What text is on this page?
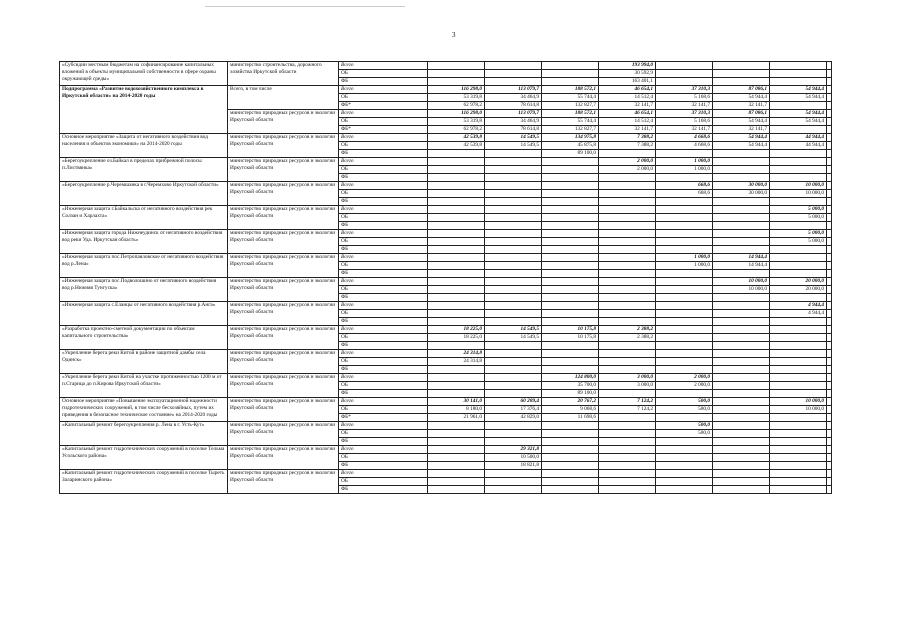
3
«Субсидии местным бюджетам на софинансирование капитальных вложений в объекты муниципальной собственности в сфере охраны окружающей среды»	министерство строительства, дорожного хозяйства Иркутской области	Всего				193 994,0				
		ОБ				30 592,9				
		ФБ				163 401,1				
Подпрограмма «Развитие водохозяйственного комплекса в Иркутской области» на 2014-2020 годы	Всего, в том числе	Всего	116 298,0	113 079,7	188 572,1	46 654,1	37 310,3	87 086,1	54 944,4	
		ОБ	53 319,8	34 464,9	55 744,4	14 512,4	5 168,6	54 944,4	54 944,4	
		ФБ*	62 978,2	78 614,8	132 827,7	32 141,7	32 141,7	32 141,7		
	министерство природных ресурсов и экологии Иркутской области	Всего	116 298,0	113 079,7	188 572,1	46 654,1	37 310,3	87 086,1	54 944,4	
		ОБ	53 319,8	34 464,9	55 744,4	14 512,4	5 168,6	54 944,4	54 944,4	
		ФБ*	62 978,2	78 614,8	132 827,7	32 141,7	32 141,7	32 141,7		
Основное мероприятие «Защита от негативного воздействия вод населения и объектов экономики» на 2014-2020 годы	министерство природных ресурсов и экологии Иркутской области	Всего	42 539,8	14 549,5	134 975,8	7 388,2	4 668,6	54 944,4	44 944,4	
		ОБ	42 539,8	14 549,5	45 875,8	7 388,2	4 668,6	54 944,4	44 944,4	
		ФБ			89 100,0					
«Берегоукрепление оз.Байкал в пределах прибрежной полосы п.Листвянка»	министерство природных ресурсов и экологии Иркутской области	Всего				2 000,0	1 000,0			
		ОБ				2 000,0	1 000,0			
		ФБ								
«Берегоукрепление р.Черемшанка в г.Черемхово Иркутской области»	министерство природных ресурсов и экологии Иркутской области	Всего					668,6	30 000,0	10 000,0	
		ОБ					668,6	30 000,0	10 000,0	
		ФБ								
«Инженерная защита г.Байкальска от негативного воздействия рек Солзан и Харлахта»	министерство природных ресурсов и экологии Иркутской области	Всего							5 000,0	
		ОБ							5 000,0	
		ФБ								
«Инженерная защита города Нижнеудинск от негативного воздействия вод реки Уда. Иркутская область»	министерство природных ресурсов и экологии Иркутской области	Всего							5 000,0	
		ОБ							5 000,0	
		ФБ								
«Инженерная защита пос.Петропавловское от негативного воздействия вод р.Лена»	министерство природных ресурсов и экологии Иркутской области	Всего					1 000,0	14 944,4		
		ОБ					1 000,0	14 944,4		
		ФБ								
«Инженерная защита пос.Подволошино от негативного воздействия вод р.Нижняя Тунгуска»	министерство природных ресурсов и экологии Иркутской области	Всего						10 000,0	20 000,0	
		ОБ						10 000,0	20 000,0	
		ФБ								
«Инженерная защита с.Еланцы от негативного воздействия р.Анга»	министерство природных ресурсов и экологии Иркутской области	Всего							4 944,4	
		ОБ							4 944,4	
		ФБ								
«Разработка проектно-сметной документации по объектам капитального строительства»	министерство природных ресурсов и экологии Иркутской области	Всего	18 225,0	14 549,5	10 175,8	2 388,2				
		ОБ	18 225,0	14 549,5	10 175,8	2 388,2				
		ФБ								
«Укрепление берега реки Китой в районе защитной дамбы села Одинск»	министерство природных ресурсов и экологии Иркутской области	Всего	24 314,8							
		ОБ	24 314,8							
		ФБ								
«Укрепление берега реки Китой на участке протяженностью 1200 м от п.Старица до п.Кирова Иркутской области»	министерство природных ресурсов и экологии Иркутской области	Всего			124 800,0	3 000,0	2 000,0			
		ОБ			35 700,0	3 000,0	2 000,0			
		ФБ			89 100,0					
Основное мероприятие «Повышение эксплуатационной надежности гидротехнических сооружений, в том числе бесхозяйных, путем их приведения в безопасное техническое состояние» на 2014-2020 годы	министерство природных ресурсов и экологии Иркутской области	Всего	30 141,0	60 209,4	20 767,2	7 124,2	500,0		10 000,0	
		ОБ	8 180,0	17 376,4	9 068,6	7 124,2	500,0		10 000,0	
		ФБ*	21 961,0	42 829,0	11 698,6					
«Капитальный ремонт берегоукрепления р. Лена в г. Усть-Кут»	министерство природных ресурсов и экологии Иркутской области	Всего					500,0			
		ОБ					500,0			
		ФБ								
«Капитальный ремонт гидротехнических сооружений в поселке Тельма Усольского района»	министерство природных ресурсов и экологии Иркутской области	Всего		29 321,8						
		ОБ		10 500,0						
		ФБ		18 821,8						
«Капитальный ремонт гидротехнических сооружений в поселке Тыреть Заларинского района»	министерство природных ресурсов и экологии Иркутской области	Всего								
		ОБ								
		ФБ								
